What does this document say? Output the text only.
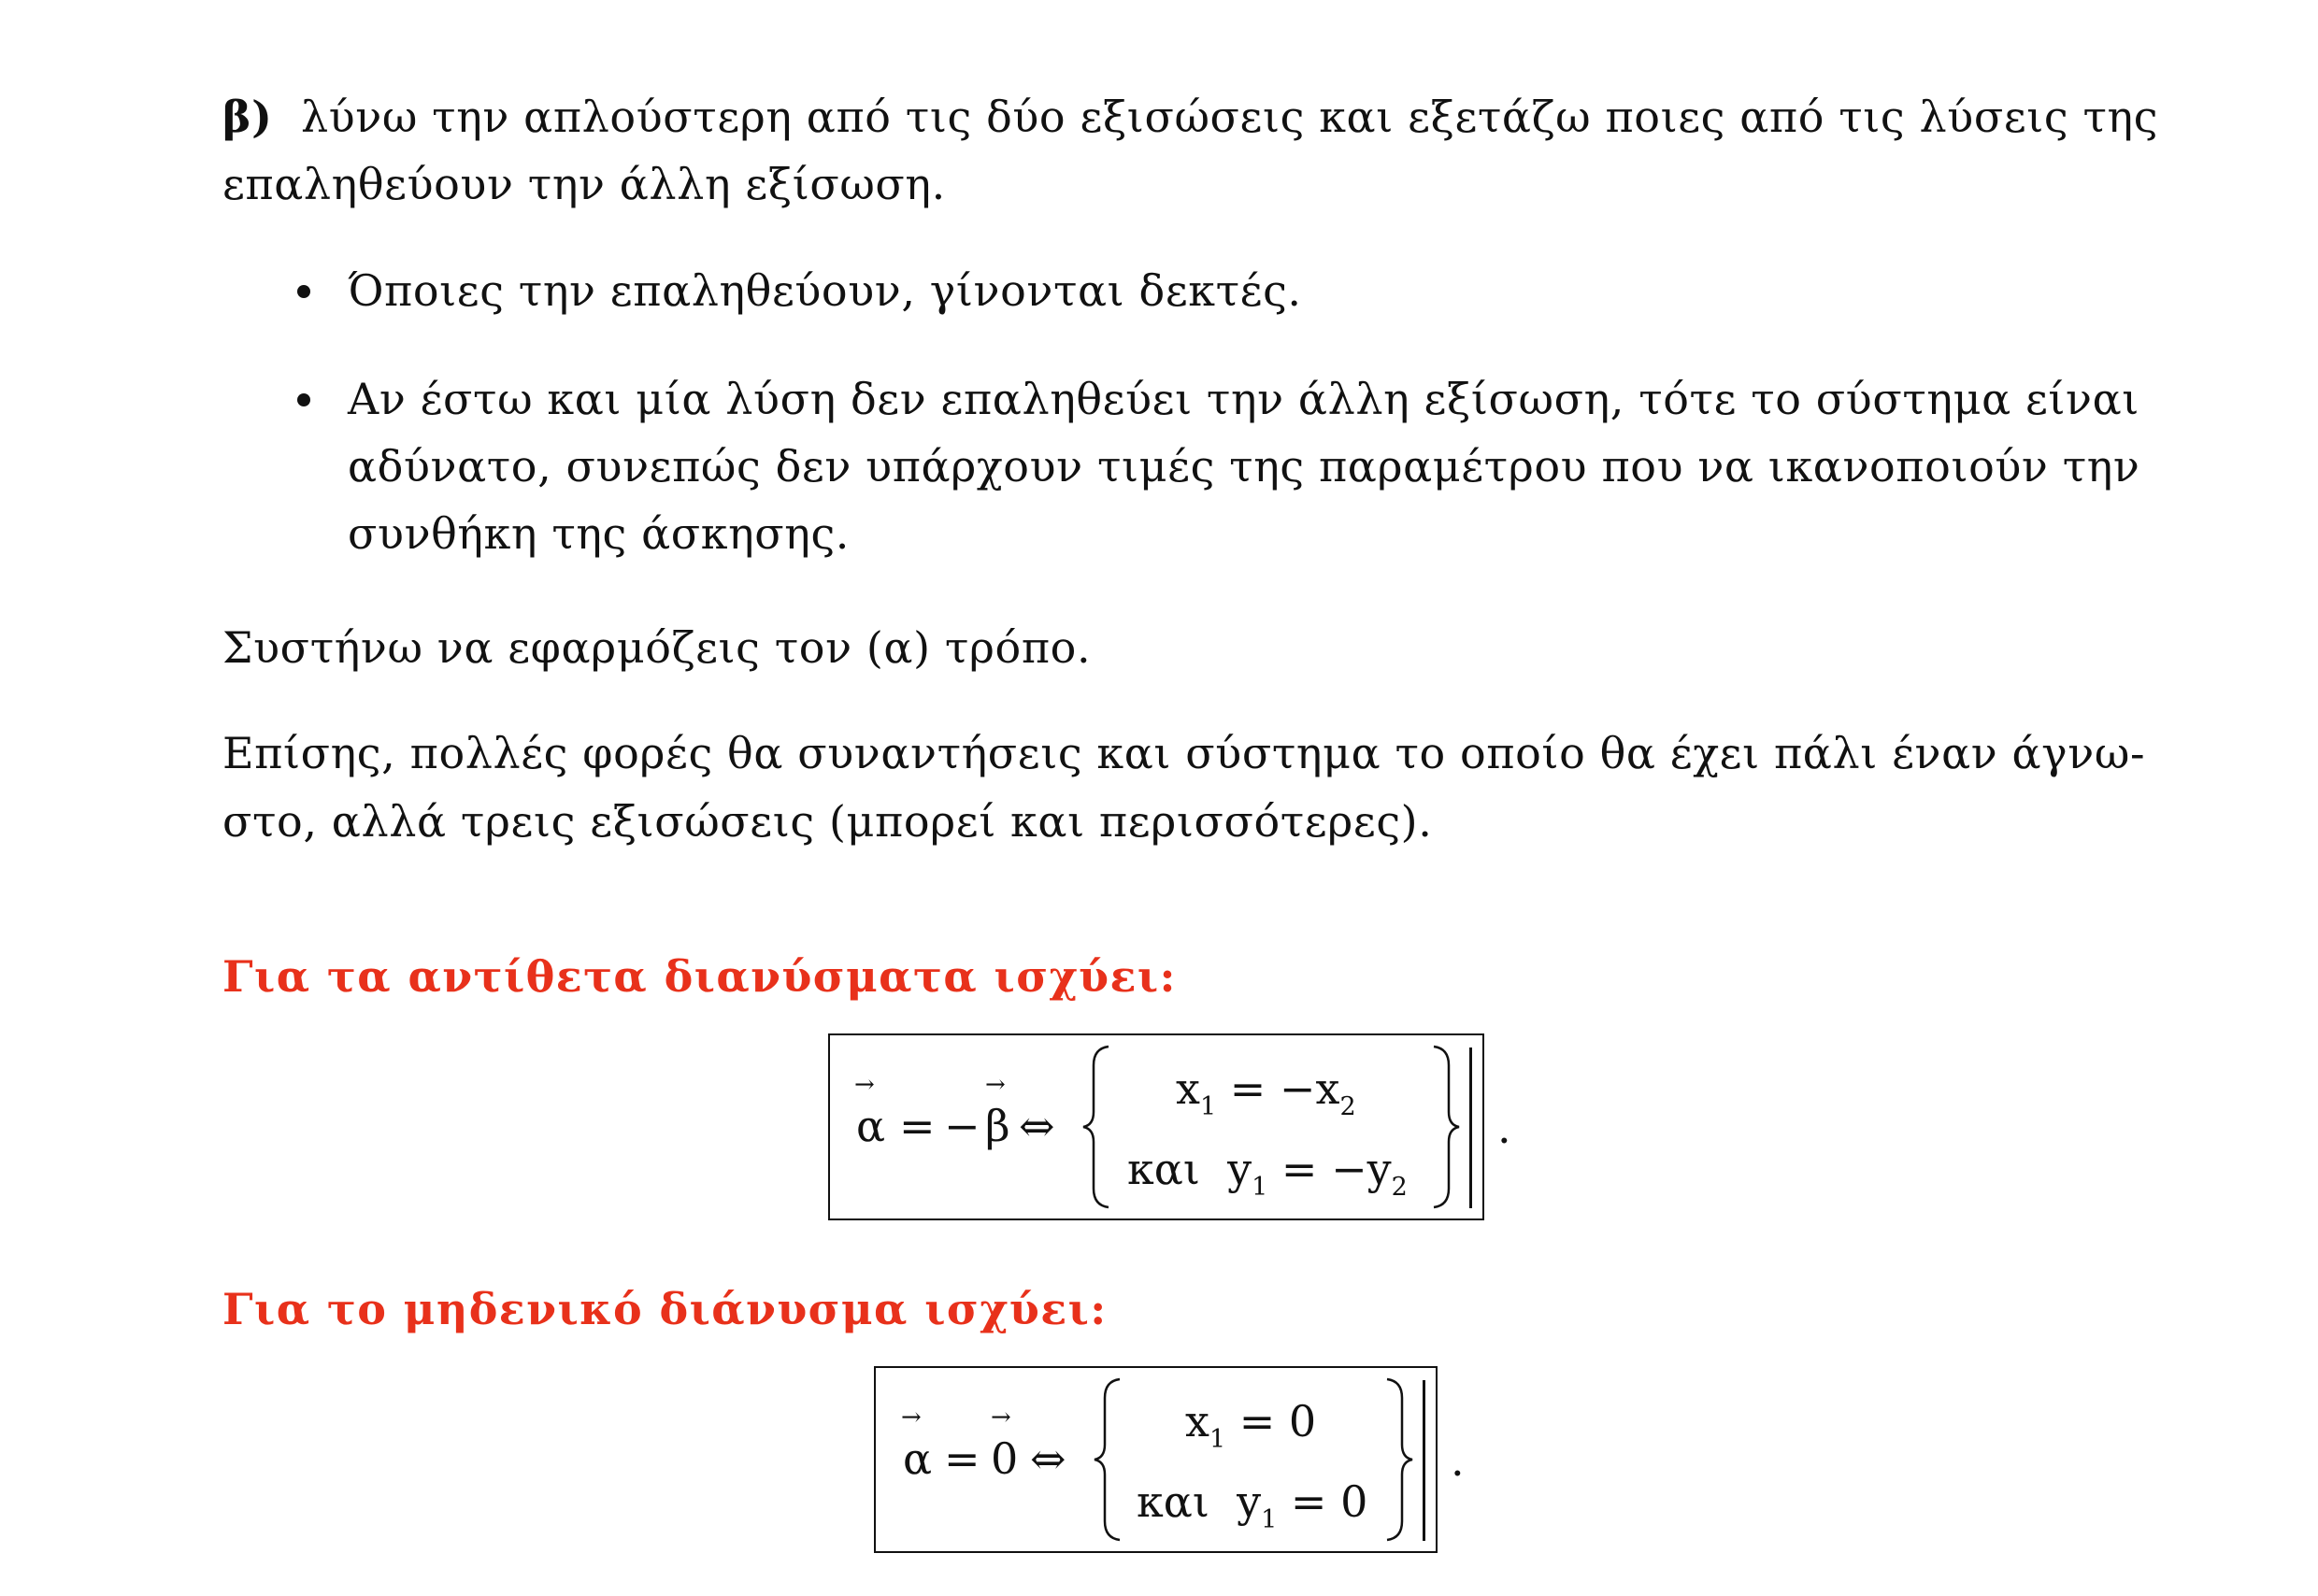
β) λύνω την απλούστερη από τις δύο εξισώσεις και εξετάζω ποιες από τις λύσεις της
επαληθεύουν την άλλη εξίσωση.
Όποιες την επαληθεύουν, γίνονται δεκτές.
Αν έστω και μία λύση δεν επαληθεύει την άλλη εξίσωση, τότε το σύστημα είναι
αδύνατο, συνεπώς δεν υπάρχουν τιμές της παραμέτρου που να ικανοποιούν την
συνθήκη της άσκησης.
Συστήνω να εφαρμόζεις τον (α) τρόπο.
Επίσης, πολλές φορές θα συναντήσεις και σύστημα το οποίο θα έχει πάλι έναν άγνω-
στο, αλλά τρεις εξισώσεις (μπορεί και περισσότερες).
Για τα αντίθετα διανύσματα ισχύει:
→
α = −
→
β ⇔
$x_1 = -x_2$
και $y_1 = -y_2$
.
Για το μηδενικό διάνυσμα ισχύει:
→
α =
→
0 ⇔
$x_1 = 0$
και $y_1 = 0$
.
